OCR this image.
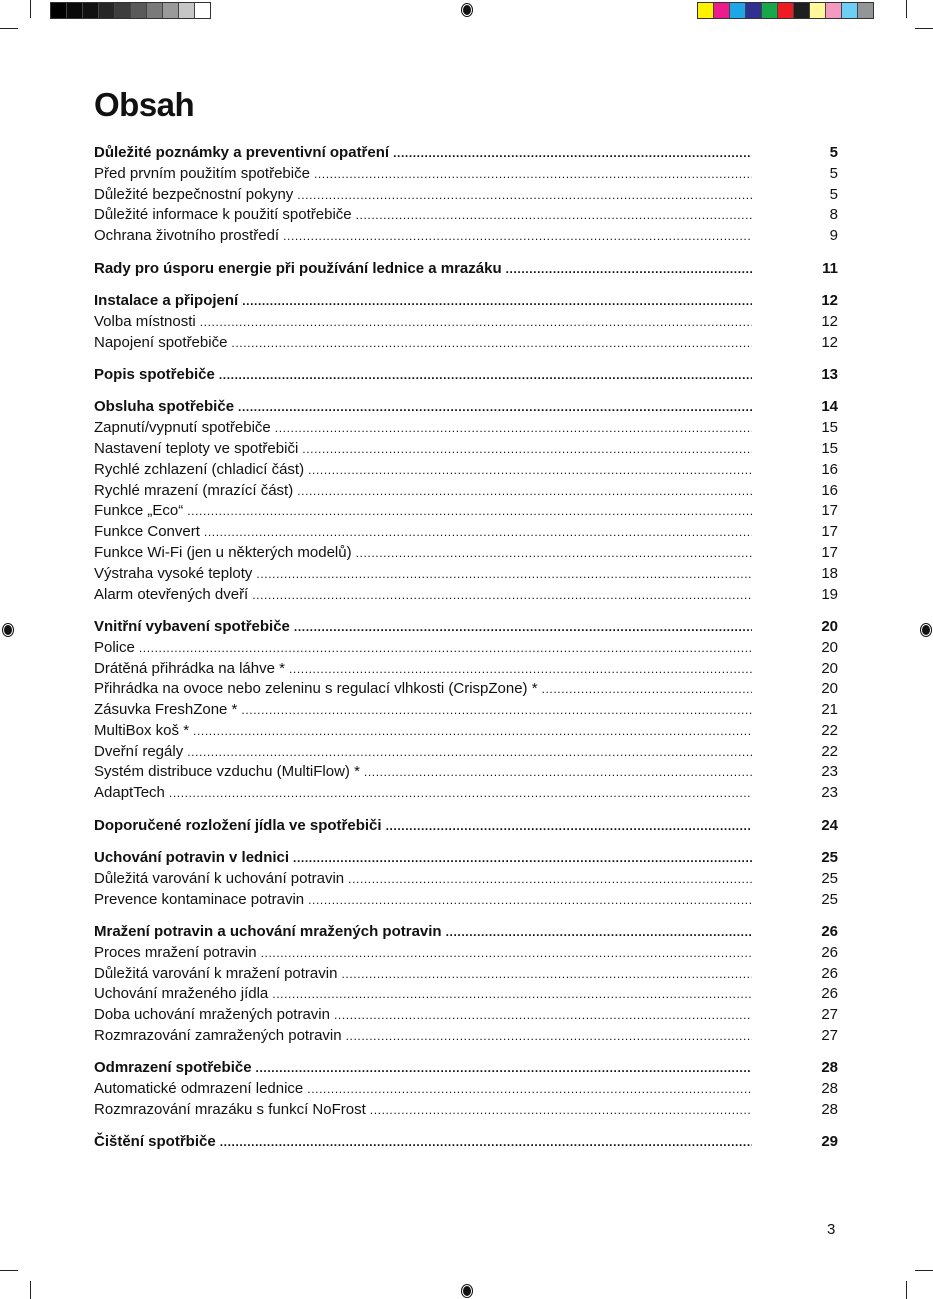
Obsah
Důležité poznámky a preventivní opatření .....	5
Před prvním použitím spotřebiče .....	5
Důležité bezpečnostní pokyny .....	5
Důležité informace k použití spotřebiče .....	8
Ochrana životního prostředí .....	9
Rady pro úsporu energie při používání lednice a mrazáku .....	11
Instalace a připojení .....	12
Volba místnosti .....	12
Napojení spotřebiče .....	12
Popis spotřebiče .....	13
Obsluha spotřebiče .....	14
Zapnutí/vypnutí spotřebiče .....	15
Nastavení teploty ve spotřebiči .....	15
Rychlé zchlazení (chladicí část) .....	16
Rychlé mrazení (mrazící část) .....	16
Funkce „Eco“ .....	17
Funkce Convert .....	17
Funkce Wi-Fi (jen u některých modelů) .....	17
Výstraha vysoké teploty .....	18
Alarm otevřených dveří .....	19
Vnitřní vybavení spotřebiče .....	20
Police .....	20
Drátěná přihrádka na láhve * .....	20
Přihrádka na ovoce nebo zeleninu s regulací vlhkosti (CrispZone) * .....	20
Zásuvka FreshZone * .....	21
MultiBox koš * .....	22
Dveřní regály .....	22
Systém distribuce vzduchu (MultiFlow) * .....	23
AdaptTech .....	23
Doporučené rozložení jídla ve spotřebiči .....	24
Uchování potravin v lednici .....	25
Důležitá varování k uchování potravin .....	25
Prevence kontaminace potravin .....	25
Mražení potravin a uchování mražených potravin .....	26
Proces mražení potravin .....	26
Důležitá varování k mražení potravin .....	26
Uchování mraženého jídla .....	26
Doba uchování mražených potravin .....	27
Rozmrazování zamražených potravin .....	27
Odmrazení spotřebiče .....	28
Automatické odmrazení lednice .....	28
Rozmrazování mrazáku s funkcí NoFrost .....	28
Čištění spotřbiče .....	29
3
